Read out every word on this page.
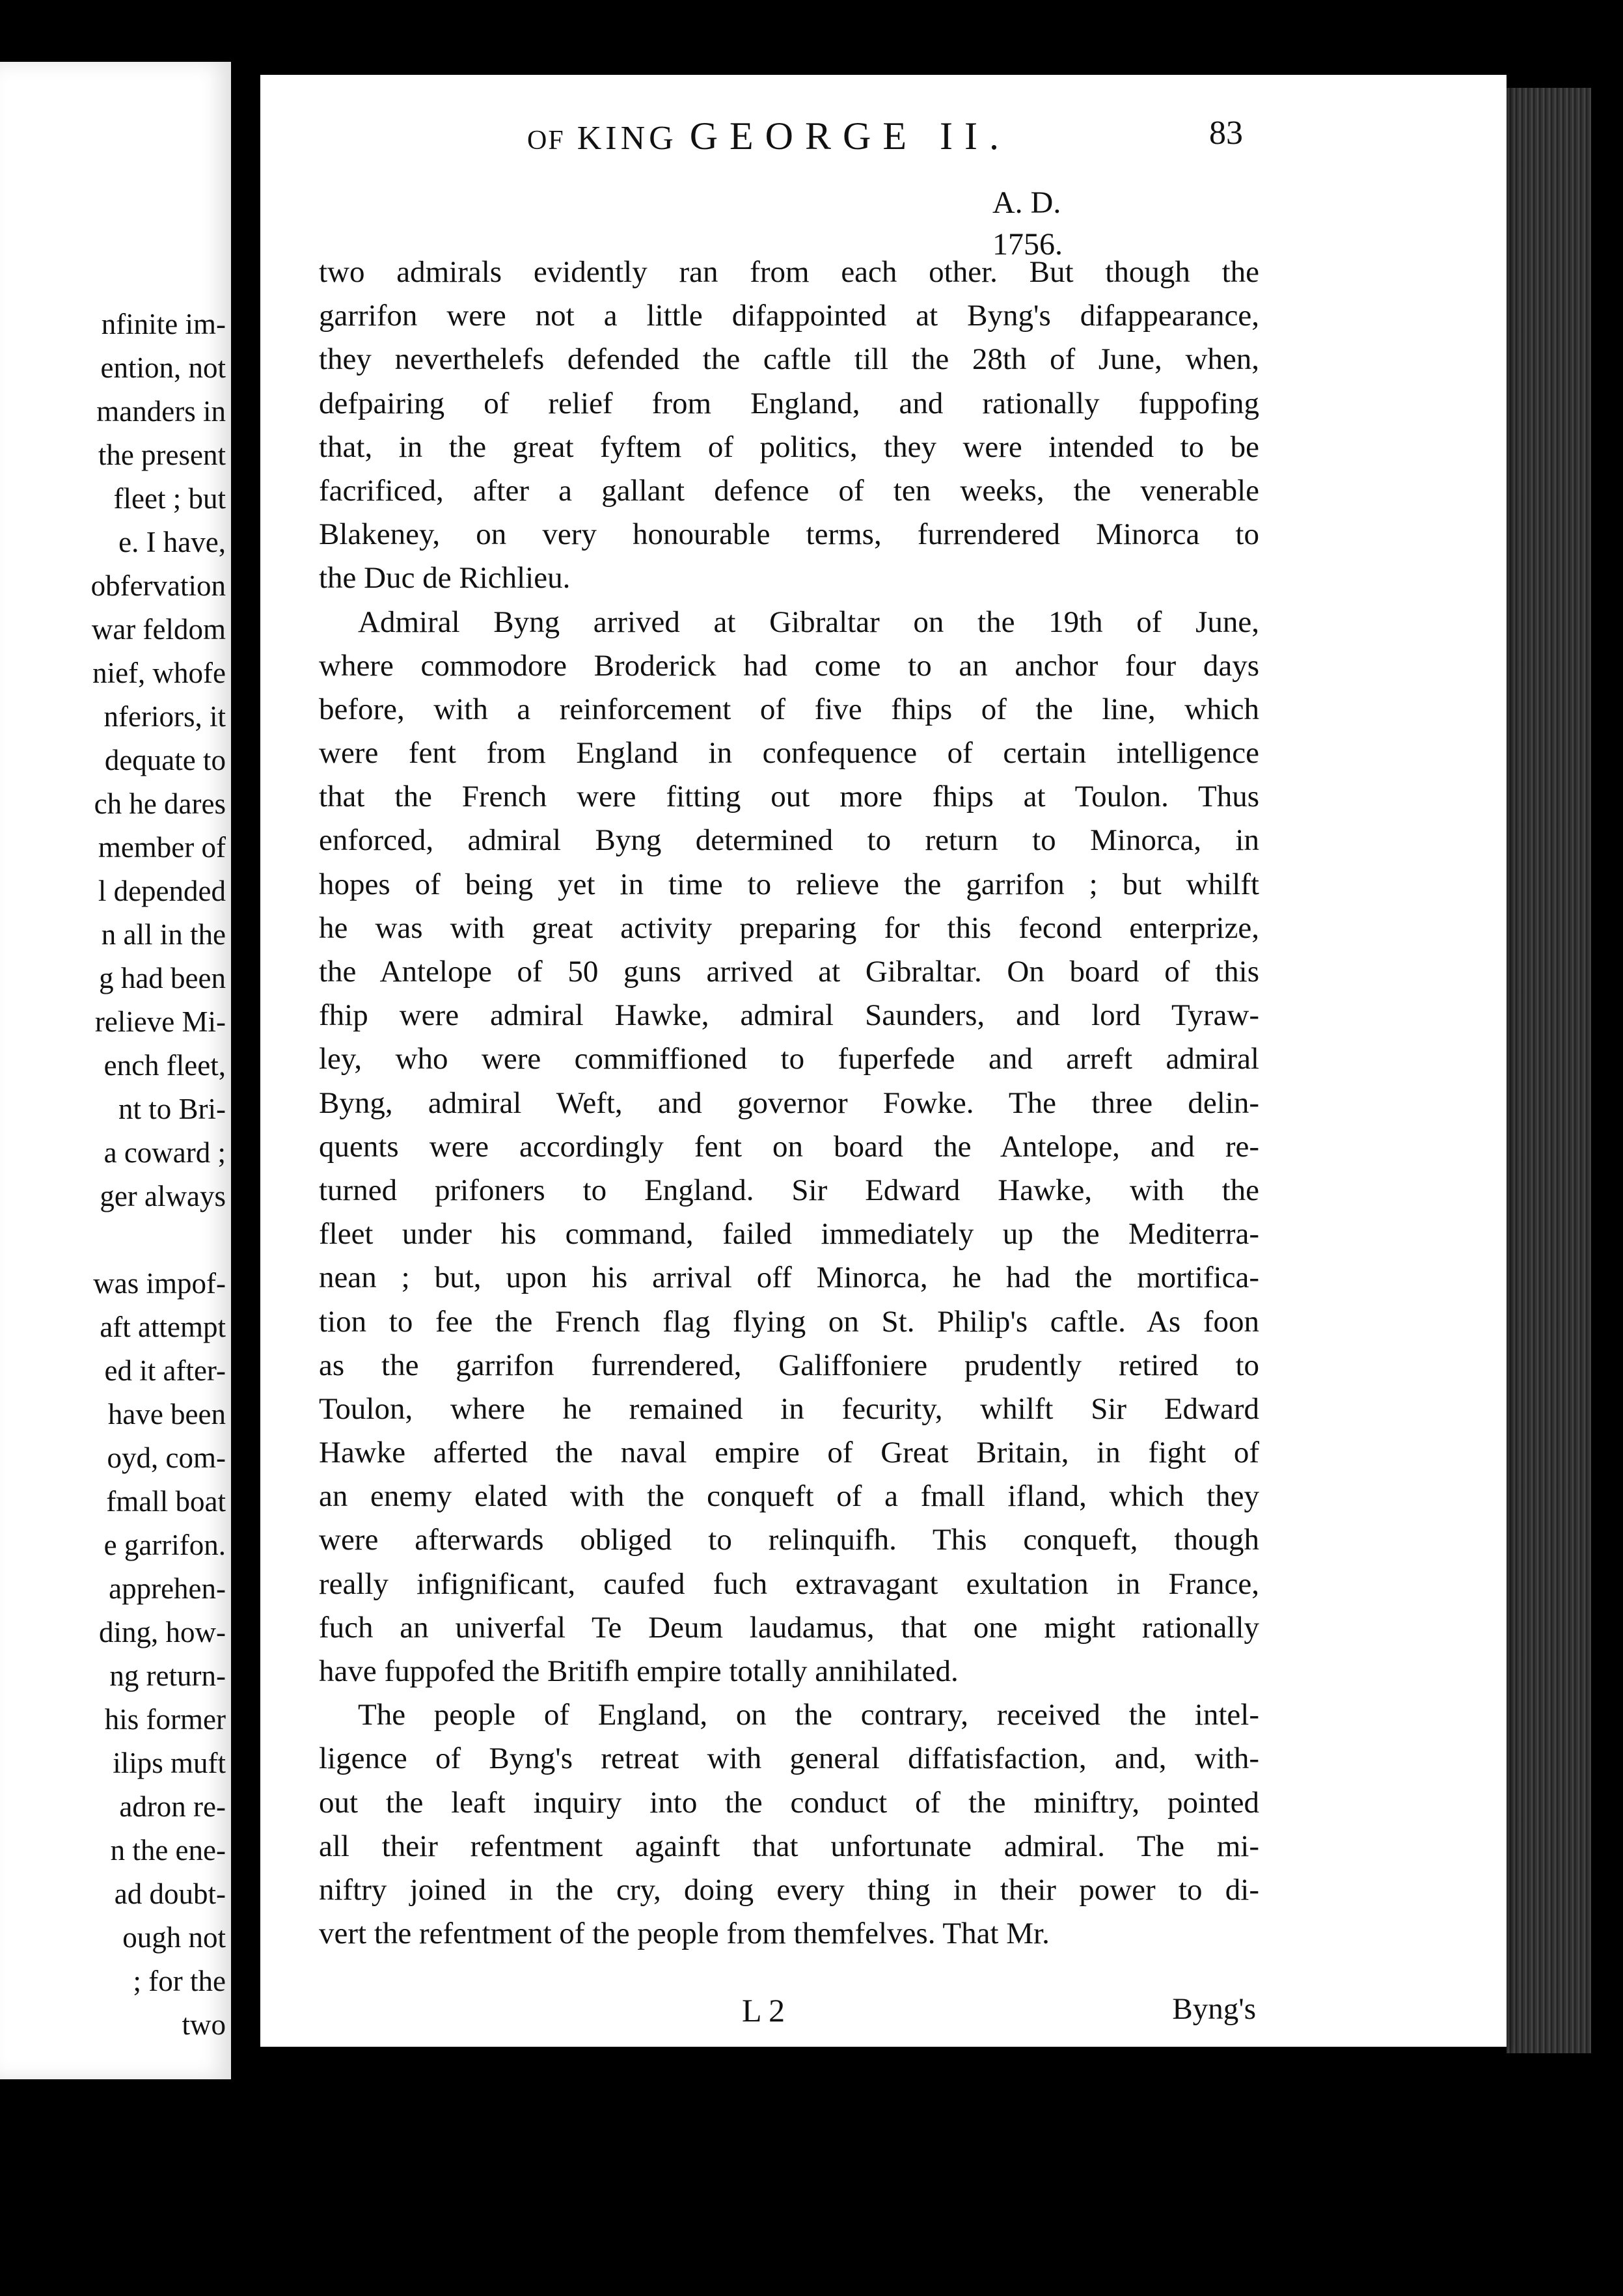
nfinite im-
ention, not
manders in
the present
fleet ; but
e. I have,
obfervation
war feldom
nief, whofe
nferiors, it
dequate to
ch he dares
member of
l depended
n all in the
g had been
relieve Mi-
ench fleet,
nt to Bri-
a coward ;
ger always
was impof-
aft attempt
ed it after-
have been
oyd, com-
fmall boat
e garrifon.
apprehen-
ding, how-
ng return-
his former
ilips muft
adron re-
n the ene-
ad doubt-
ough not
; for the
two
OF KING GEORGE II.	83
A. D.
1756.
two admirals evidently ran from each other. But though the
garrifon were not a little difappointed at Byng's difappearance,
they neverthelefs defended the caftle till the 28th of June, when,
defpairing of relief from England, and rationally fuppofing
that, in the great fyftem of politics, they were intended to be
facrificed, after a gallant defence of ten weeks, the venerable
Blakeney, on very honourable terms, furrendered Minorca to
the Duc de Richlieu.
Admiral Byng arrived at Gibraltar on the 19th of June,
where commodore Broderick had come to an anchor four days
before, with a reinforcement of five fhips of the line, which
were fent from England in confequence of certain intelligence
that the French were fitting out more fhips at Toulon. Thus
enforced, admiral Byng determined to return to Minorca, in
hopes of being yet in time to relieve the garrifon ; but whilft
he was with great activity preparing for this fecond enterprize,
the Antelope of 50 guns arrived at Gibraltar. On board of this
fhip were admiral Hawke, admiral Saunders, and lord Tyraw-
ley, who were commiffioned to fuperfede and arreft admiral
Byng, admiral Weft, and governor Fowke. The three delin-
quents were accordingly fent on board the Antelope, and re-
turned prifoners to England. Sir Edward Hawke, with the
fleet under his command, failed immediately up the Mediterra-
nean ; but, upon his arrival off Minorca, he had the mortifica-
tion to fee the French flag flying on St. Philip's caftle. As foon
as the garrifon furrendered, Galiffoniere prudently retired to
Toulon, where he remained in fecurity, whilft Sir Edward
Hawke afferted the naval empire of Great Britain, in fight of
an enemy elated with the conqueft of a fmall ifland, which they
were afterwards obliged to relinquifh. This conqueft, though
really infignificant, caufed fuch extravagant exultation in France,
fuch an univerfal Te Deum laudamus, that one might rationally
have fuppofed the Britifh empire totally annihilated.
The people of England, on the contrary, received the intel-
ligence of Byng's retreat with general diffatisfaction, and, with-
out the leaft inquiry into the conduct of the miniftry, pointed
all their refentment againft that unfortunate admiral. The mi-
niftry joined in the cry, doing every thing in their power to di-
vert the refentment of the people from themfelves. That Mr.
L 2	Byng's
